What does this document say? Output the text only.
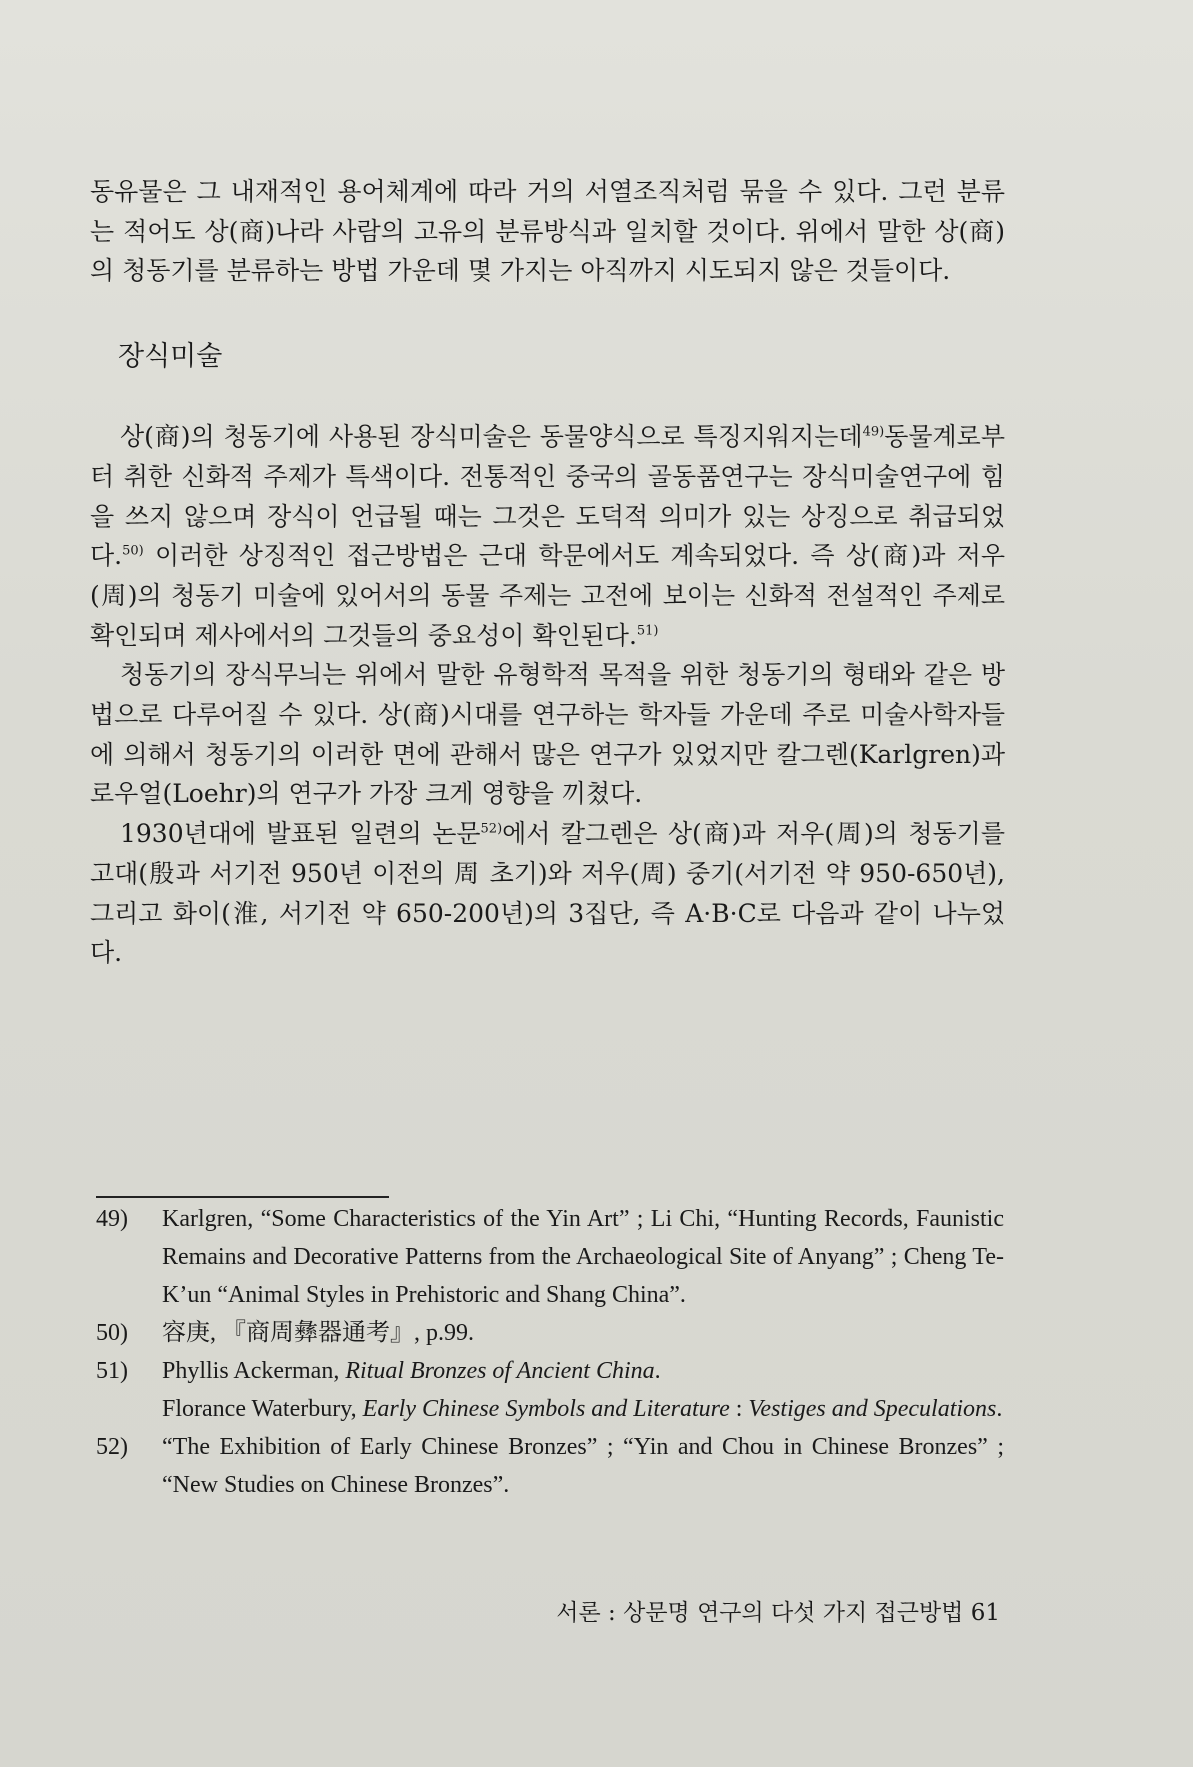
동유물은 그 내재적인 용어체계에 따라 거의 서열조직처럼 묶을 수 있다. 그런 분류는 적어도 상(商)나라 사람의 고유의 분류방식과 일치할 것이다. 위에서 말한 상(商)의 청동기를 분류하는 방법 가운데 몇 가지는 아직까지 시도되지 않은 것들이다.

장식미술

상(商)의 청동기에 사용된 장식미술은 동물양식으로 특징지워지는데$^{49)}$동물계로부터 취한 신화적 주제가 특색이다. 전통적인 중국의 골동품연구는 장식미술연구에 힘을 쓰지 않으며 장식이 언급될 때는 그것은 도덕적 의미가 있는 상징으로 취급되었다.$^{50)}$ 이러한 상징적인 접근방법은 근대 학문에서도 계속되었다. 즉 상(商)과 저우(周)의 청동기 미술에 있어서의 동물 주제는 고전에 보이는 신화적 전설적인 주제로 확인되며 제사에서의 그것들의 중요성이 확인된다.$^{51)}$

청동기의 장식무늬는 위에서 말한 유형학적 목적을 위한 청동기의 형태와 같은 방법으로 다루어질 수 있다. 상(商)시대를 연구하는 학자들 가운데 주로 미술사학자들에 의해서 청동기의 이러한 면에 관해서 많은 연구가 있었지만 칼그렌(Karlgren)과 로우얼(Loehr)의 연구가 가장 크게 영향을 끼쳤다.

1930년대에 발표된 일련의 논문$^{52)}$에서 칼그렌은 상(商)과 저우(周)의 청동기를 고대(殷과 서기전 950년 이전의 周 초기)와 저우(周) 중기(서기전 약 950-650년), 그리고 화이(淮, 서기전 약 650-200년)의 3집단, 즉 A·B·C로 다음과 같이 나누었다.

49)	Karlgren, “Some Characteristics of the Yin Art” ; Li Chi, “Hunting Records, Faunistic Remains and Decorative Patterns from the Archaeological Site of Anyang” ; Cheng Te-K’un “Animal Styles in Prehistoric and Shang China”.
50)	容庚, 『商周彝器通考』, p.99.
51)	Phyllis Ackerman, Ritual Bronzes of Ancient China.
Florance Waterbury, Early Chinese Symbols and Literature : Vestiges and Speculations.
52)	“The Exhibition of Early Chinese Bronzes” ; “Yin and Chou in Chinese Bronzes” ; “New Studies on Chinese Bronzes”.
서론 : 상문명 연구의 다섯 가지 접근방법 61
